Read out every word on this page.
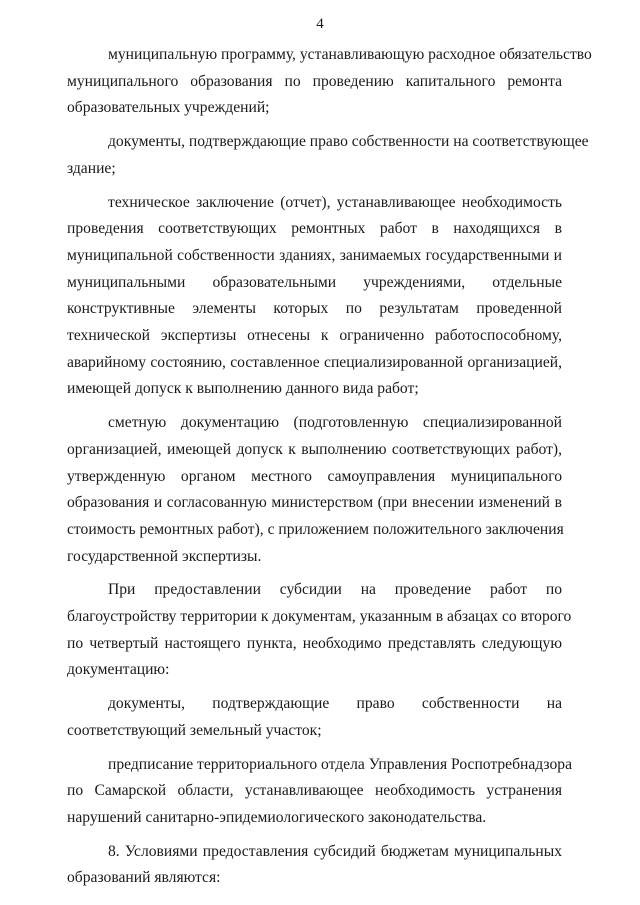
4
муниципальную программу, устанавливающую расходное обязательство
муниципального образования по проведению капитального ремонта
образовательных учреждений;
документы, подтверждающие право собственности на соответствующее
здание;
техническое заключение (отчет), устанавливающее необходимость
проведения соответствующих ремонтных работ в находящихся в
муниципальной собственности зданиях, занимаемых государственными и
муниципальными образовательными учреждениями, отдельные
конструктивные элементы которых по результатам проведенной
технической экспертизы отнесены к ограниченно работоспособному,
аварийному состоянию, составленное специализированной организацией,
имеющей допуск к выполнению данного вида работ;
сметную документацию (подготовленную специализированной
организацией, имеющей допуск к выполнению соответствующих работ),
утвержденную органом местного самоуправления муниципального
образования и согласованную министерством (при внесении изменений в
стоимость ремонтных работ), с приложением положительного заключения
государственной экспертизы.
При предоставлении субсидии на проведение работ по
благоустройству территории к документам, указанным в абзацах со второго
по четвертый настоящего пункта, необходимо представлять следующую
документацию:
документы, подтверждающие право собственности на
соответствующий земельный участок;
предписание территориального отдела Управления Роспотребнадзора
по Самарской области, устанавливающее необходимость устранения
нарушений санитарно-эпидемиологического законодательства.
8. Условиями предоставления субсидий бюджетам муниципальных
образований являются:
